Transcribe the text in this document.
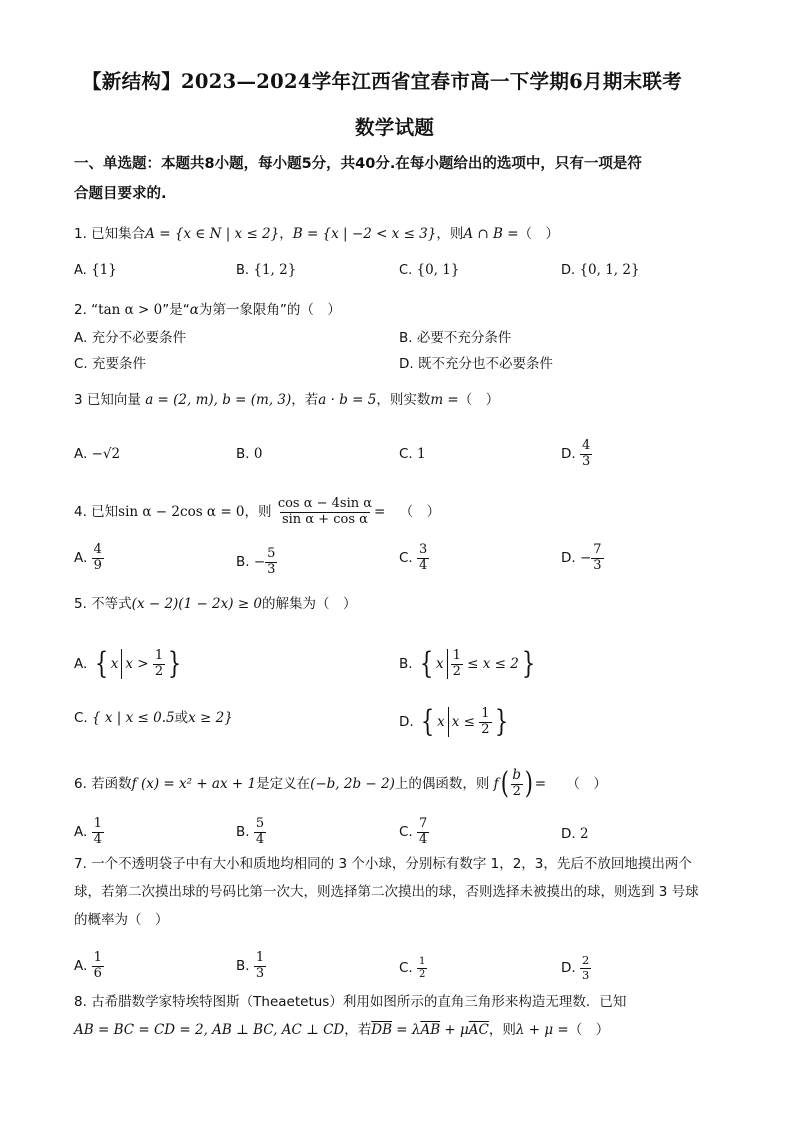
【新结构】2023—2024学年江西省宜春市高一下学期6月期末联考
数学试题
一、单选题：本题共8小题，每小题5分，共40分.在每小题给出的选项中，只有一项是符
合题目要求的.
1. 已知集合A = {x ∈ N | x ≤ 2}，B = {x | −2 < x ≤ 3}，则A ∩ B =（　）
A. {1}	B. {1, 2}	C. {0, 1}	D. {0, 1, 2}
2. “tan α > 0”是“α为第一象限角”的（　）
A. 充分不必要条件	B. 必要不充分条件
C. 充要条件	D. 既不充分也不必要条件
3 已知向量 a = (2, m), b = (m, 3)，若a · b = 5，则实数m =（　）
A. −√2	B. 0	C. 1	D. $\frac{4}{3}$
4. 已知sin α − 2cos α = 0，则 $\frac{\text{cos α − 4sin α}}{\text{sin α + cos α}}$ = （　）
A. $\frac{4}{9}$	B. − $\frac{5}{3}$	C. $\frac{3}{4}$	D. − $\frac{7}{3}$
5. 不等式(x − 2)(1 − 2x) ≥ 0的解集为（　）
A. { x $x > \frac{1}{2}$ }	B. { x $\frac{1}{2} \le x \le 2$}
C. { x | x ≤ 0.5或x ≥ 2}	D. { x $x \le \frac{1}{2}$ }
6. 若函数f (x) = x² + ax + 1是定义在(−b, 2b − 2)上的偶函数，则 $f( \frac{b}{2}$ ) = （　）
A. $\frac{1}{4}$	B. $\frac{5}{4}$	C. $\frac{7}{4}$	D. 2
7. 一个不透明袋子中有大小和质地均相同的 3 个小球，分别标有数字 1，2，3，先后不放回地摸出两个
球，若第二次摸出球的号码比第一次大，则选择第二次摸出的球，否则选择未被摸出的球，则选到 3 号球
的概率为（　）
A. $\frac{1}{6}$	B. $\frac{1}{3}$	C. $\frac{1}{2}$	D. $\frac{2}{3}$
8. 古希腊数学家特埃特图斯（Theaetetus）利用如图所示的直角三角形来构造无理数．已知
AB = BC = CD = 2, AB ⊥ BC, AC ⊥ CD，若$\overline{DB} = \lambda\overline{AB} + \mu\overline{AC}$，则λ + μ =（　）
